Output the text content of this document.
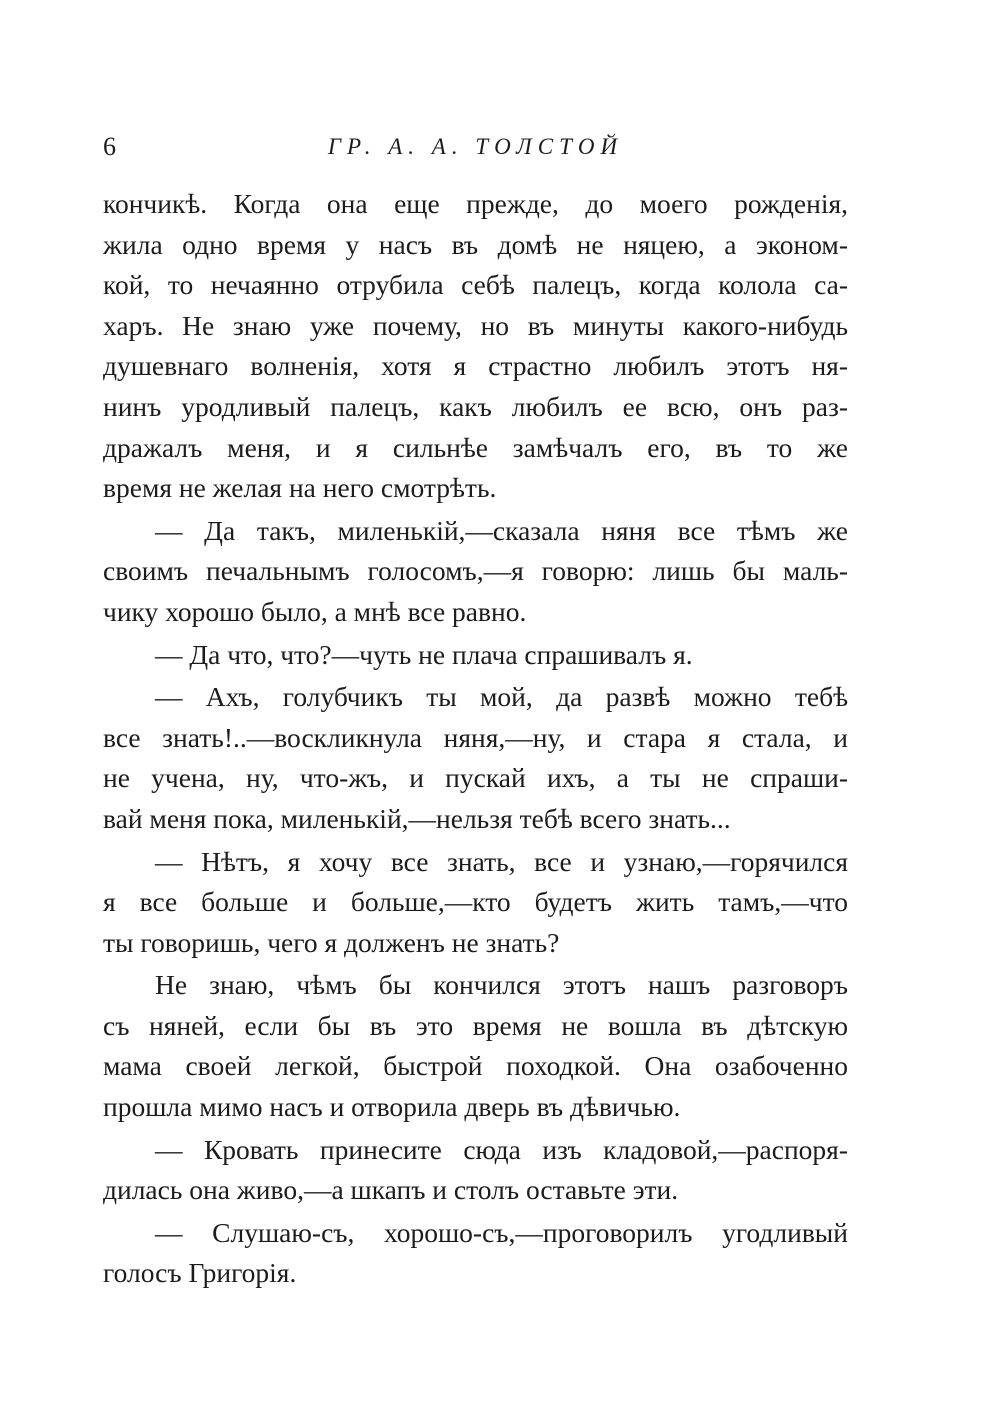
6	ГР. А. А. ТОЛСТОЙ
кончикѣ. Когда она еще прежде, до моего рожденія,
жила одно время у насъ въ домѣ не няцею, а эконом-
кой, то нечаянно отрубила себѣ палецъ, когда колола са-
харъ. Не знаю уже почему, но въ минуты какого-нибудь
душевнаго волненія, хотя я страстно любилъ этотъ ня-
нинъ уродливый палецъ, какъ любилъ ее всю, онъ раз-
дражалъ меня, и я сильнѣе замѣчалъ его, въ то же
время не желая на него смотрѣть.
— Да такъ, миленькій,—сказала няня все тѣмъ же
своимъ печальнымъ голосомъ,—я говорю: лишь бы маль-
чику хорошо было, а мнѣ все равно.
— Да что, что?—чуть не плача спрашивалъ я.
— Ахъ, голубчикъ ты мой, да развѣ можно тебѣ
все знать!..—воскликнула няня,—ну, и стара я стала, и
не учена, ну, что-жъ, и пускай ихъ, а ты не спраши-
вай меня пока, миленькій,—нельзя тебѣ всего знать...
— Нѣтъ, я хочу все знать, все и узнаю,—горячился
я все больше и больше,—кто будетъ жить тамъ,—что
ты говоришь, чего я долженъ не знать?
Не знаю, чѣмъ бы кончился этотъ нашъ разговоръ
съ няней, если бы въ это время не вошла въ дѣтскую
мама своей легкой, быстрой походкой. Она озабоченно
прошла мимо насъ и отворила дверь въ дѣвичью.
— Кровать принесите сюда изъ кладовой,—распоря-
дилась она живо,—а шкапъ и столъ оставьте эти.
— Слушаю-съ, хорошо-съ,—проговорилъ угодливый
голосъ Григорія.
